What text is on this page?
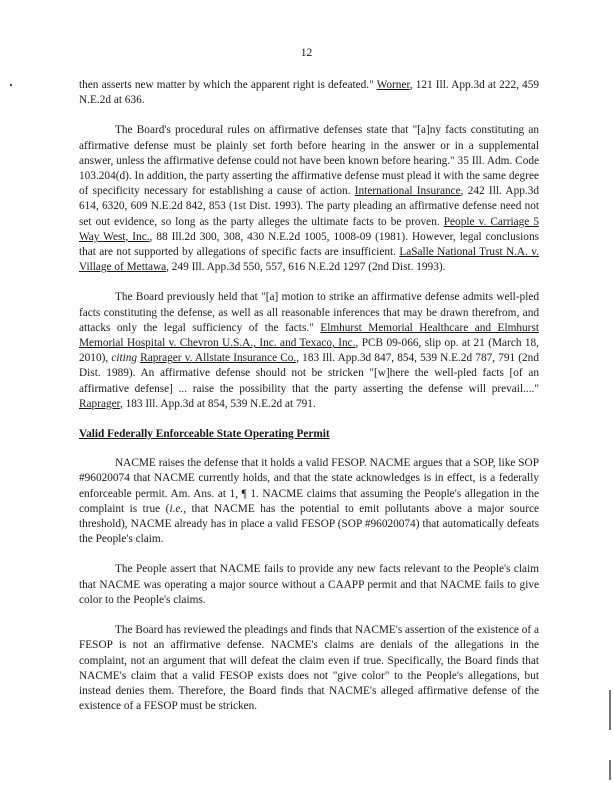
12

then asserts new matter by which the apparent right is defeated." Worner, 121 Ill. App.3d at 222, 459 N.E.2d at 636.

The Board's procedural rules on affirmative defenses state that "[a]ny facts constituting an affirmative defense must be plainly set forth before hearing in the answer or in a supplemental answer, unless the affirmative defense could not have been known before hearing." 35 Ill. Adm. Code 103.204(d). In addition, the party asserting the affirmative defense must plead it with the same degree of specificity necessary for establishing a cause of action. International Insurance, 242 Ill. App.3d 614, 6320, 609 N.E.2d 842, 853 (1st Dist. 1993). The party pleading an affirmative defense need not set out evidence, so long as the party alleges the ultimate facts to be proven. People v. Carriage 5 Way West, Inc., 88 Ill.2d 300, 308, 430 N.E.2d 1005, 1008-09 (1981). However, legal conclusions that are not supported by allegations of specific facts are insufficient. LaSalle National Trust N.A. v. Village of Mettawa, 249 Ill. App.3d 550, 557, 616 N.E.2d 1297 (2nd Dist. 1993).

The Board previously held that "[a] motion to strike an affirmative defense admits well-pled facts constituting the defense, as well as all reasonable inferences that may be drawn therefrom, and attacks only the legal sufficiency of the facts." Elmhurst Memorial Healthcare and Elmhurst Memorial Hospital v. Chevron U.S.A., Inc. and Texaco, Inc., PCB 09-066, slip op. at 21 (March 18, 2010), citing Raprager v. Allstate Insurance Co., 183 Ill. App.3d 847, 854, 539 N.E.2d 787, 791 (2nd Dist. 1989). An affirmative defense should not be stricken "[w]here the well-pled facts [of an affirmative defense] ... raise the possibility that the party asserting the defense will prevail...." Raprager, 183 Ill. App.3d at 854, 539 N.E.2d at 791.

Valid Federally Enforceable State Operating Permit

NACME raises the defense that it holds a valid FESOP. NACME argues that a SOP, like SOP #96020074 that NACME currently holds, and that the state acknowledges is in effect, is a federally enforceable permit. Am. Ans. at 1, ¶ 1. NACME claims that assuming the People's allegation in the complaint is true (i.e., that NACME has the potential to emit pollutants above a major source threshold), NACME already has in place a valid FESOP (SOP #96020074) that automatically defeats the People's claim.

The People assert that NACME fails to provide any new facts relevant to the People's claim that NACME was operating a major source without a CAAPP permit and that NACME fails to give color to the People's claims.

The Board has reviewed the pleadings and finds that NACME's assertion of the existence of a FESOP is not an affirmative defense. NACME's claims are denials of the allegations in the complaint, not an argument that will defeat the claim even if true. Specifically, the Board finds that NACME's claim that a valid FESOP exists does not "give color" to the People's allegations, but instead denies them. Therefore, the Board finds that NACME's alleged affirmative defense of the existence of a FESOP must be stricken.
